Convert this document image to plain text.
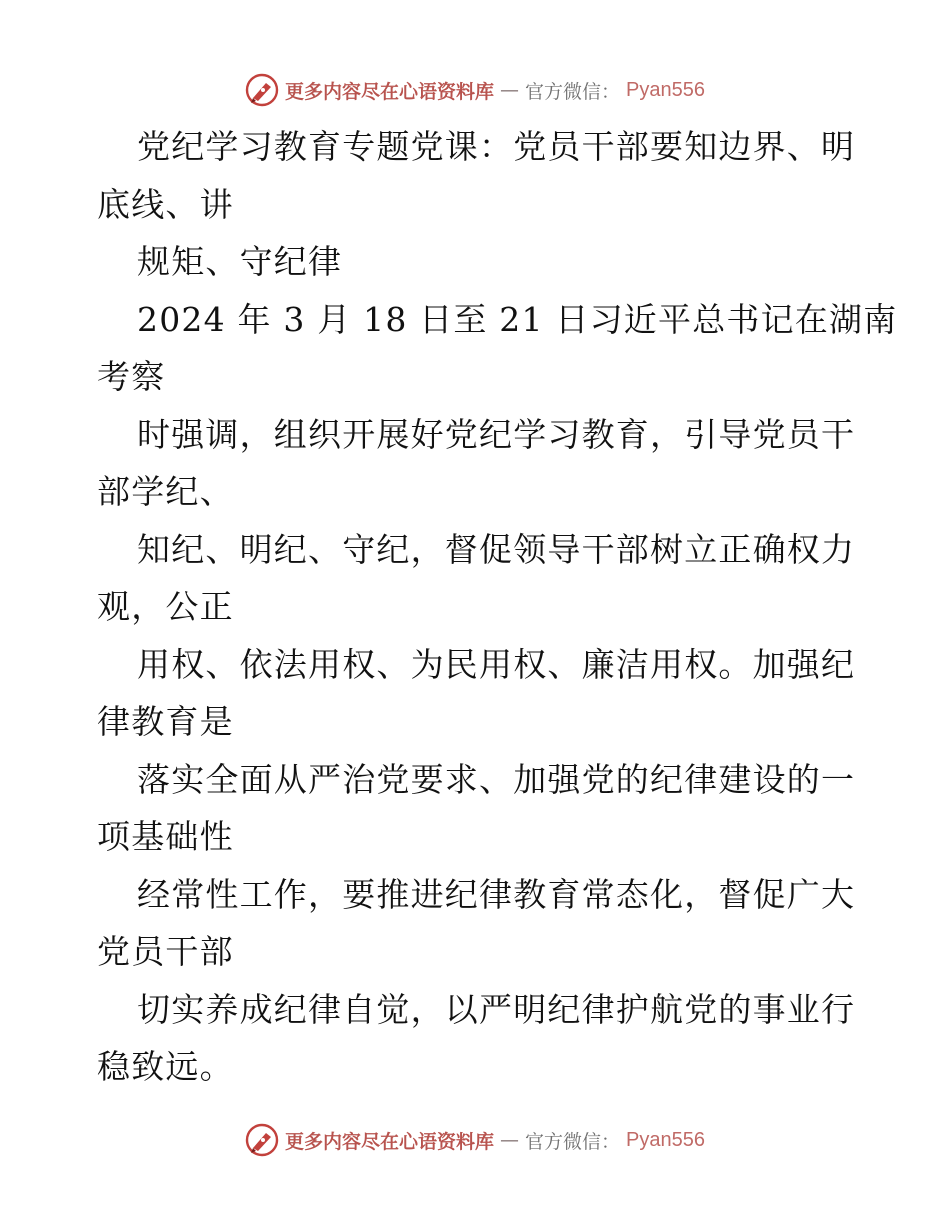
更多内容尽在心语资料库 — 官方微信： Pyan556
党纪学习教育专题党课：党员干部要知边界、明
底线、讲
规矩、守纪律
2024 年 3 月 18 日至 21 日习近平总书记在湖南
考察
时强调，组织开展好党纪学习教育，引导党员干
部学纪、
知纪、明纪、守纪，督促领导干部树立正确权力
观，公正
用权、依法用权、为民用权、廉洁用权。加强纪
律教育是
落实全面从严治党要求、加强党的纪律建设的一
项基础性
经常性工作，要推进纪律教育常态化，督促广大
党员干部
切实养成纪律自觉，以严明纪律护航党的事业行
稳致远。
更多内容尽在心语资料库 — 官方微信： Pyan556
